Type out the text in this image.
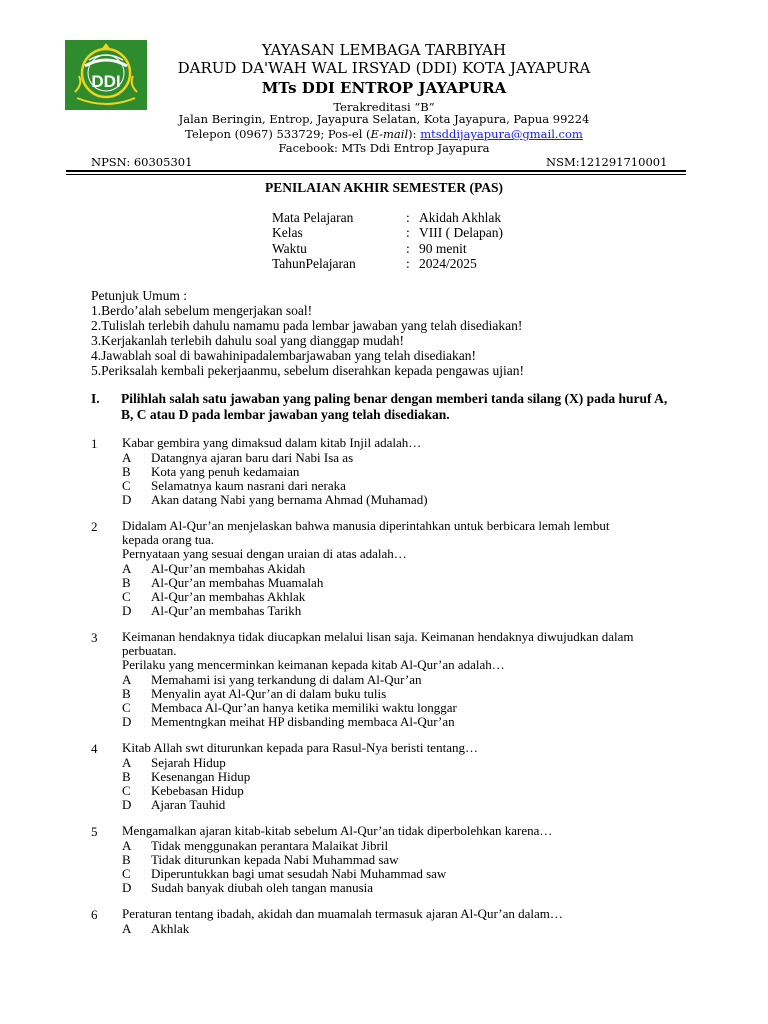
DDI
YAYASAN LEMBAGA TARBIYAH
DARUD DA'WAH WAL IRSYAD (DDI) KOTA JAYAPURA
MTs DDI ENTROP JAYAPURA
Terakreditasi “B”
Jalan Beringin, Entrop, Jayapura Selatan, Kota Jayapura, Papua 99224
Telepon (0967) 533729; Pos-el (E-mail): mtsddijayapura@gmail.com
Facebook: MTs Ddi Entrop Jayapura
NPSN: 60305301	NSM:121291710001
PENILAIAN AKHIR SEMESTER (PAS)
Mata Pelajaran	: Akidah Akhlak
Kelas	: VIII ( Delapan)
Waktu	: 90 menit
TahunPelajaran	: 2024/2025
Petunjuk Umum :
1.Berdo’alah sebelum mengerjakan soal!
2.Tulislah terlebih dahulu namamu pada lembar jawaban yang telah disediakan!
3.Kerjakanlah terlebih dahulu soal yang dianggap mudah!
4.Jawablah soal di bawahinipadalembarjawaban yang telah disediakan!
5.Periksalah kembali pekerjaanmu, sebelum diserahkan kepada pengawas ujian!
I. Pilihlah salah satu jawaban yang paling benar dengan memberi tanda silang (X) pada huruf A, B, C atau D pada lembar jawaban yang telah disediakan.
1 Kabar gembira yang dimaksud dalam kitab Injil adalah…
A Datangnya ajaran baru dari Nabi Isa as
B Kota yang penuh kedamaian
C Selamatnya kaum nasrani dari neraka
D Akan datang Nabi yang bernama Ahmad (Muhamad)
2 Didalam Al-Qur’an menjelaskan bahwa manusia diperintahkan untuk berbicara lemah lembut
kepada orang tua.
Pernyataan yang sesuai dengan uraian di atas adalah…
A Al-Qur’an membahas Akidah
B Al-Qur’an membahas Muamalah
C Al-Qur’an membahas Akhlak
D Al-Qur’an membahas Tarikh
3 Keimanan hendaknya tidak diucapkan melalui lisan saja. Keimanan hendaknya diwujudkan dalam
perbuatan.
Perilaku yang mencerminkan keimanan kepada kitab Al-Qur’an adalah…
A Memahami isi yang terkandung di dalam Al-Qur’an
B Menyalin ayat Al-Qur’an di dalam buku tulis
C Membaca Al-Qur’an hanya ketika memiliki waktu longgar
D Mementngkan meihat HP disbanding membaca Al-Qur’an
4 Kitab Allah swt diturunkan kepada para Rasul-Nya beristi tentang…
A Sejarah Hidup
B Kesenangan Hidup
C Kebebasan Hidup
D Ajaran Tauhid
5 Mengamalkan ajaran kitab-kitab sebelum Al-Qur’an tidak diperbolehkan karena…
A Tidak menggunakan perantara Malaikat Jibril
B Tidak diturunkan kepada Nabi Muhammad saw
C Diperuntukkan bagi umat sesudah Nabi Muhammad saw
D Sudah banyak diubah oleh tangan manusia
6 Peraturan tentang ibadah, akidah dan muamalah termasuk ajaran Al-Qur’an dalam…
A Akhlak
